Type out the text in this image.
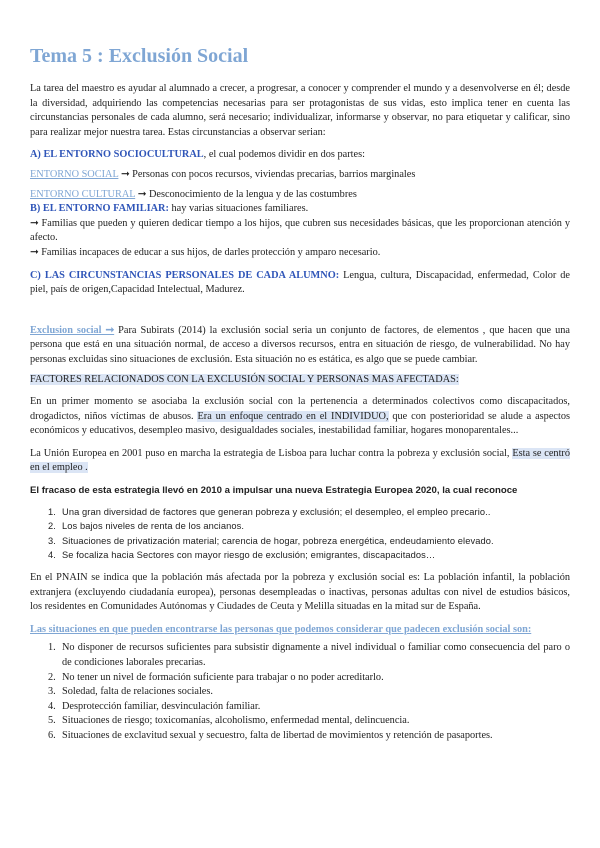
Tema 5 : Exclusión Social

La tarea del maestro es ayudar al alumnado a crecer, a progresar, a conocer y comprender el mundo y a desenvolverse en él; desde la diversidad, adquiriendo las competencias necesarias para ser protagonistas de sus vidas, esto implica tener en cuenta las circunstancias personales de cada alumno, será necesario; individualizar, informarse y observar, no para etiquetar y calificar, sino para realizar mejor nuestra tarea. Estas circunstancias a observar serian:

A) EL ENTORNO SOCIOCULTURAL, el cual podemos dividir en dos partes:

ENTORNO SOCIAL ➞ Personas con pocos recursos, viviendas precarias, barrios marginales

ENTORNO CULTURAL ➞ Desconocimiento de la lengua y de las costumbres

B) EL ENTORNO FAMILIAR: hay varias situaciones familiares.

➞ Familias que pueden y quieren dedicar tiempo a los hijos, que cubren sus necesidades básicas, que les proporcionan atención y afecto.

➞ Familias incapaces de educar a sus hijos, de darles protección y amparo necesario.

C) LAS CIRCUNSTANCIAS PERSONALES DE CADA ALUMNO: Lengua, cultura, Discapacidad, enfermedad, Color de piel, país de origen,Capacidad Intelectual, Madurez.

Exclusion social ➞ Para Subirats (2014) la exclusión social seria un conjunto de factores, de elementos , que hacen que una persona que está en una situación normal, de acceso a diversos recursos, entra en situación de riesgo, de vulnerabilidad. No hay personas excluidas sino situaciones de exclusión. Esta situación no es estática, es algo que se puede cambiar.

FACTORES RELACIONADOS CON LA EXCLUSIÓN SOCIAL Y PERSONAS MAS AFECTADAS:

En un primer momento se asociaba la exclusión social con la pertenencia a determinados colectivos como discapacitados, drogadictos, niños víctimas de abusos. Era un enfoque centrado en el INDIVIDUO, que con posterioridad se alude a aspectos económicos y educativos, desempleo masivo, desigualdades sociales, inestabilidad familiar, hogares monoparentales...

La Unión Europea en 2001 puso en marcha la estrategia de Lisboa para luchar contra la pobreza y exclusión social, Esta se centró en el empleo .

El fracaso de esta estrategia llevó en 2010 a impulsar una nueva Estrategia Europea 2020, la cual reconoce

1. Una gran diversidad de factores que generan pobreza y exclusión; el desempleo, el empleo precario..
2. Los bajos niveles de renta de los ancianos.
3. Situaciones de privatización material; carencia de hogar, pobreza energética, endeudamiento elevado.
4. Se focaliza hacia Sectores con mayor riesgo de exclusión; emigrantes, discapacitados…

En el PNAIN se indica que la población más afectada por la pobreza y exclusión social es: La población infantil, la población extranjera (excluyendo ciudadanía europea), personas desempleadas o inactivas, personas adultas con nivel de estudios básicos, los residentes en Comunidades Autónomas y Ciudades de Ceuta y Melilla situadas en la mitad sur de España.

Las situaciones en que pueden encontrarse las personas que podemos considerar que padecen exclusión social son:

1. No disponer de recursos suficientes para subsistir dignamente a nivel individual o familiar como consecuencia del paro o de condiciones laborales precarias.
2. No tener un nivel de formación suficiente para trabajar o no poder acreditarlo.
3. Soledad, falta de relaciones sociales.
4. Desprotección familiar, desvinculación familiar.
5. Situaciones de riesgo; toxicomanías, alcoholismo, enfermedad mental, delincuencia.
6. Situaciones de exclavitud sexual y secuestro, falta de libertad de movimientos y retención de pasaportes.
